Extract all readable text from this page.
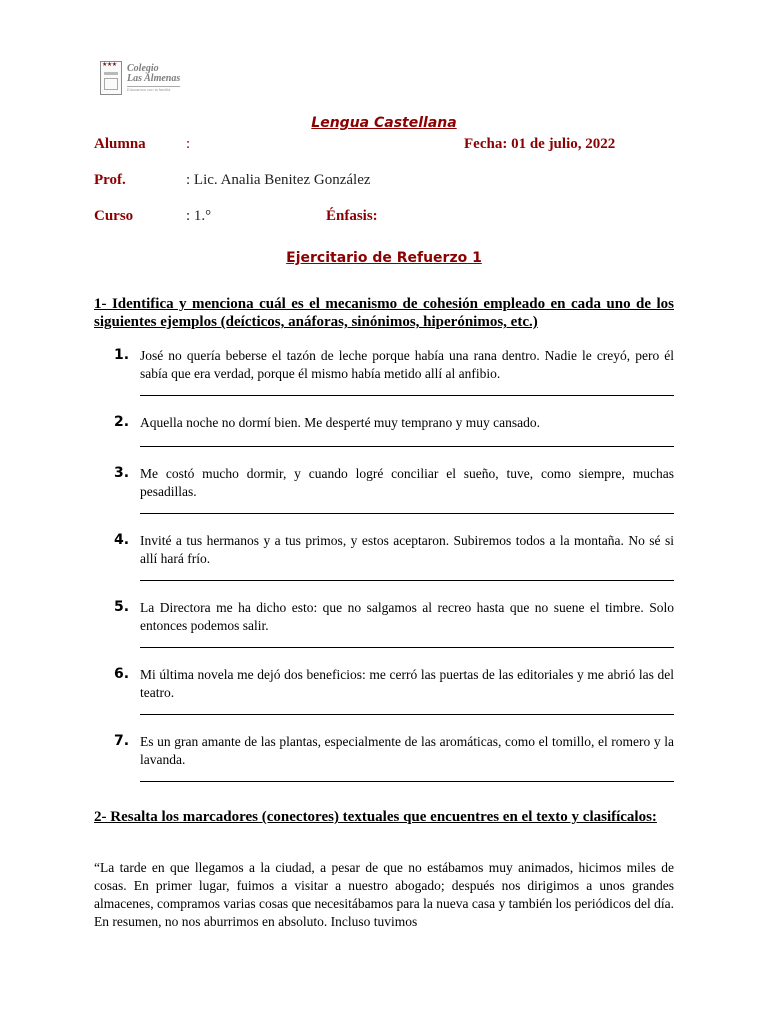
★★★ Colegio
Las Almenas
Educamos con la familia
Lengua Castellana
Alumna	:	Fecha: 01 de julio, 2022
Prof.	: Lic. Analia Benitez González
Curso	: 1.°	Énfasis:
Ejercitario de Refuerzo 1
1- Identifica y menciona cuál es el mecanismo de cohesión empleado en cada uno de los siguientes ejemplos (deícticos, anáforas, sinónimos, hiperónimos, etc.)
1. José no quería beberse el tazón de leche porque había una rana dentro. Nadie le creyó, pero él sabía que era verdad, porque él mismo había metido allí al anfibio.
2. Aquella noche no dormí bien. Me desperté muy temprano y muy cansado.
3. Me costó mucho dormir, y cuando logré conciliar el sueño, tuve, como siempre, muchas pesadillas.
4. Invité a tus hermanos y a tus primos, y estos aceptaron. Subiremos todos a la montaña. No sé si allí hará frío.
5. La Directora me ha dicho esto: que no salgamos al recreo hasta que no suene el timbre. Solo entonces podemos salir.
6. Mi última novela me dejó dos beneficios: me cerró las puertas de las editoriales y me abrió las del teatro.
7. Es un gran amante de las plantas, especialmente de las aromáticas, como el tomillo, el romero y la lavanda.
2- Resalta los marcadores (conectores) textuales que encuentres en el texto y clasifícalos:
“La tarde en que llegamos a la ciudad, a pesar de que no estábamos muy animados, hicimos miles de cosas. En primer lugar, fuimos a visitar a nuestro abogado; después nos dirigimos a unos grandes almacenes, compramos varias cosas que necesitábamos para la nueva casa y también los periódicos del día. En resumen, no nos aburrimos en absoluto. Incluso tuvimos
